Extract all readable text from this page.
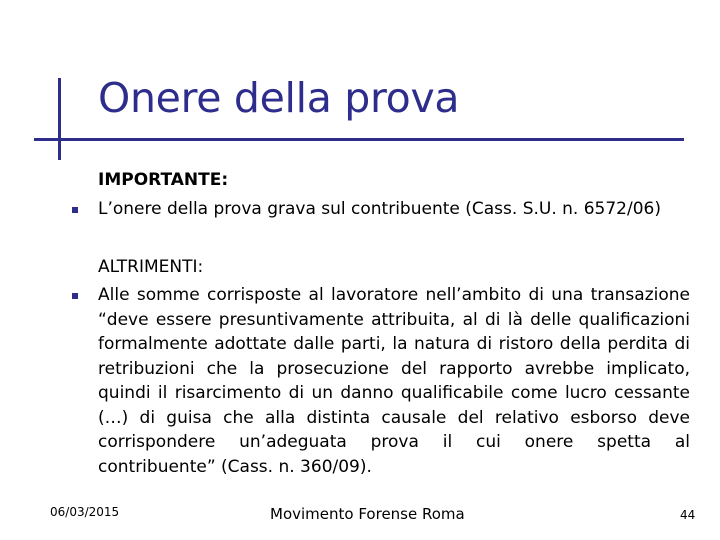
Onere della prova
IMPORTANTE:
L’onere della prova grava sul contribuente (Cass. S.U. n. 6572/06)
ALTRIMENTI:
Alle somme corrisposte al lavoratore nell’ambito di una transazione
“deve essere presuntivamente attribuita, al di là delle qualificazioni
formalmente adottate dalle parti, la natura di ristoro della perdita di
retribuzioni che la prosecuzione del rapporto avrebbe implicato,
quindi il risarcimento di un danno qualificabile come lucro cessante
(…) di guisa che alla distinta causale del relativo esborso deve
corrispondere un’adeguata prova il cui onere spetta al
contribuente” (Cass. n. 360/09).
06/03/2015	Movimento Forense Roma	44
